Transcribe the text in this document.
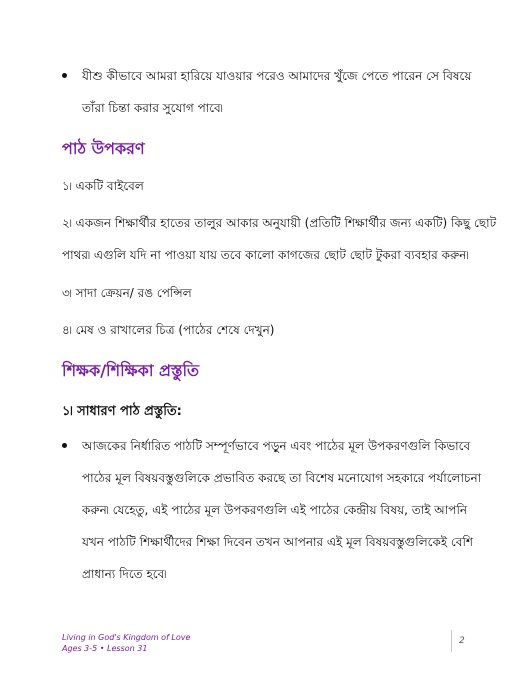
যীশু কীভাবে আমরা হারিয়ে যাওয়ার পরেও আমাদের খুঁজে পেতে পারেন সে বিষয়ে তাঁরা চিন্তা করার সুযোগ পাবে৷
পাঠ উপকরণ
১৷ একটি বাইবেল
২৷ একজন শিক্ষার্থীর হাতের তালুর আকার অনুযায়ী (প্রতিটি শিক্ষার্থীর জন্য একটি) কিছু ছোট পাথর৷ এগুলি যদি না পাওয়া যায় তবে কালো কাগজের ছোট ছোট টুকরা ব্যবহার করুন৷
৩৷ সাদা ক্রেয়ন/ রঙ পেন্সিল
৪৷ মেষ ও রাখালের চিত্র (পাঠের শেষে দেখুন)
শিক্ষক/শিক্ষিকা প্রস্তুতি
১৷ সাধারণ পাঠ প্রস্তুতি:
আজকের নির্ধারিত পাঠটি সম্পূর্ণভাবে পড়ুন এবং পাঠের মূল উপকরণগুলি কিভাবে পাঠের মূল বিষয়বস্তুগুলিকে প্রভাবিত করছে তা বিশেষ মনোযোগ সহকারে পর্যালোচনা করুন৷ যেহেতু, এই পাঠের মূল উপকরণগুলি এই পাঠের কেন্দ্রীয় বিষয়, তাই আপনি যখন পাঠটি শিক্ষার্থীদের শিক্ষা দিবেন তখন আপনার এই মূল বিষয়বস্তুগুলিকেই বেশি প্রাধান্য দিতে হবে৷
Living in God's Kingdom of Love
Ages 3-5 • Lesson 31
2
